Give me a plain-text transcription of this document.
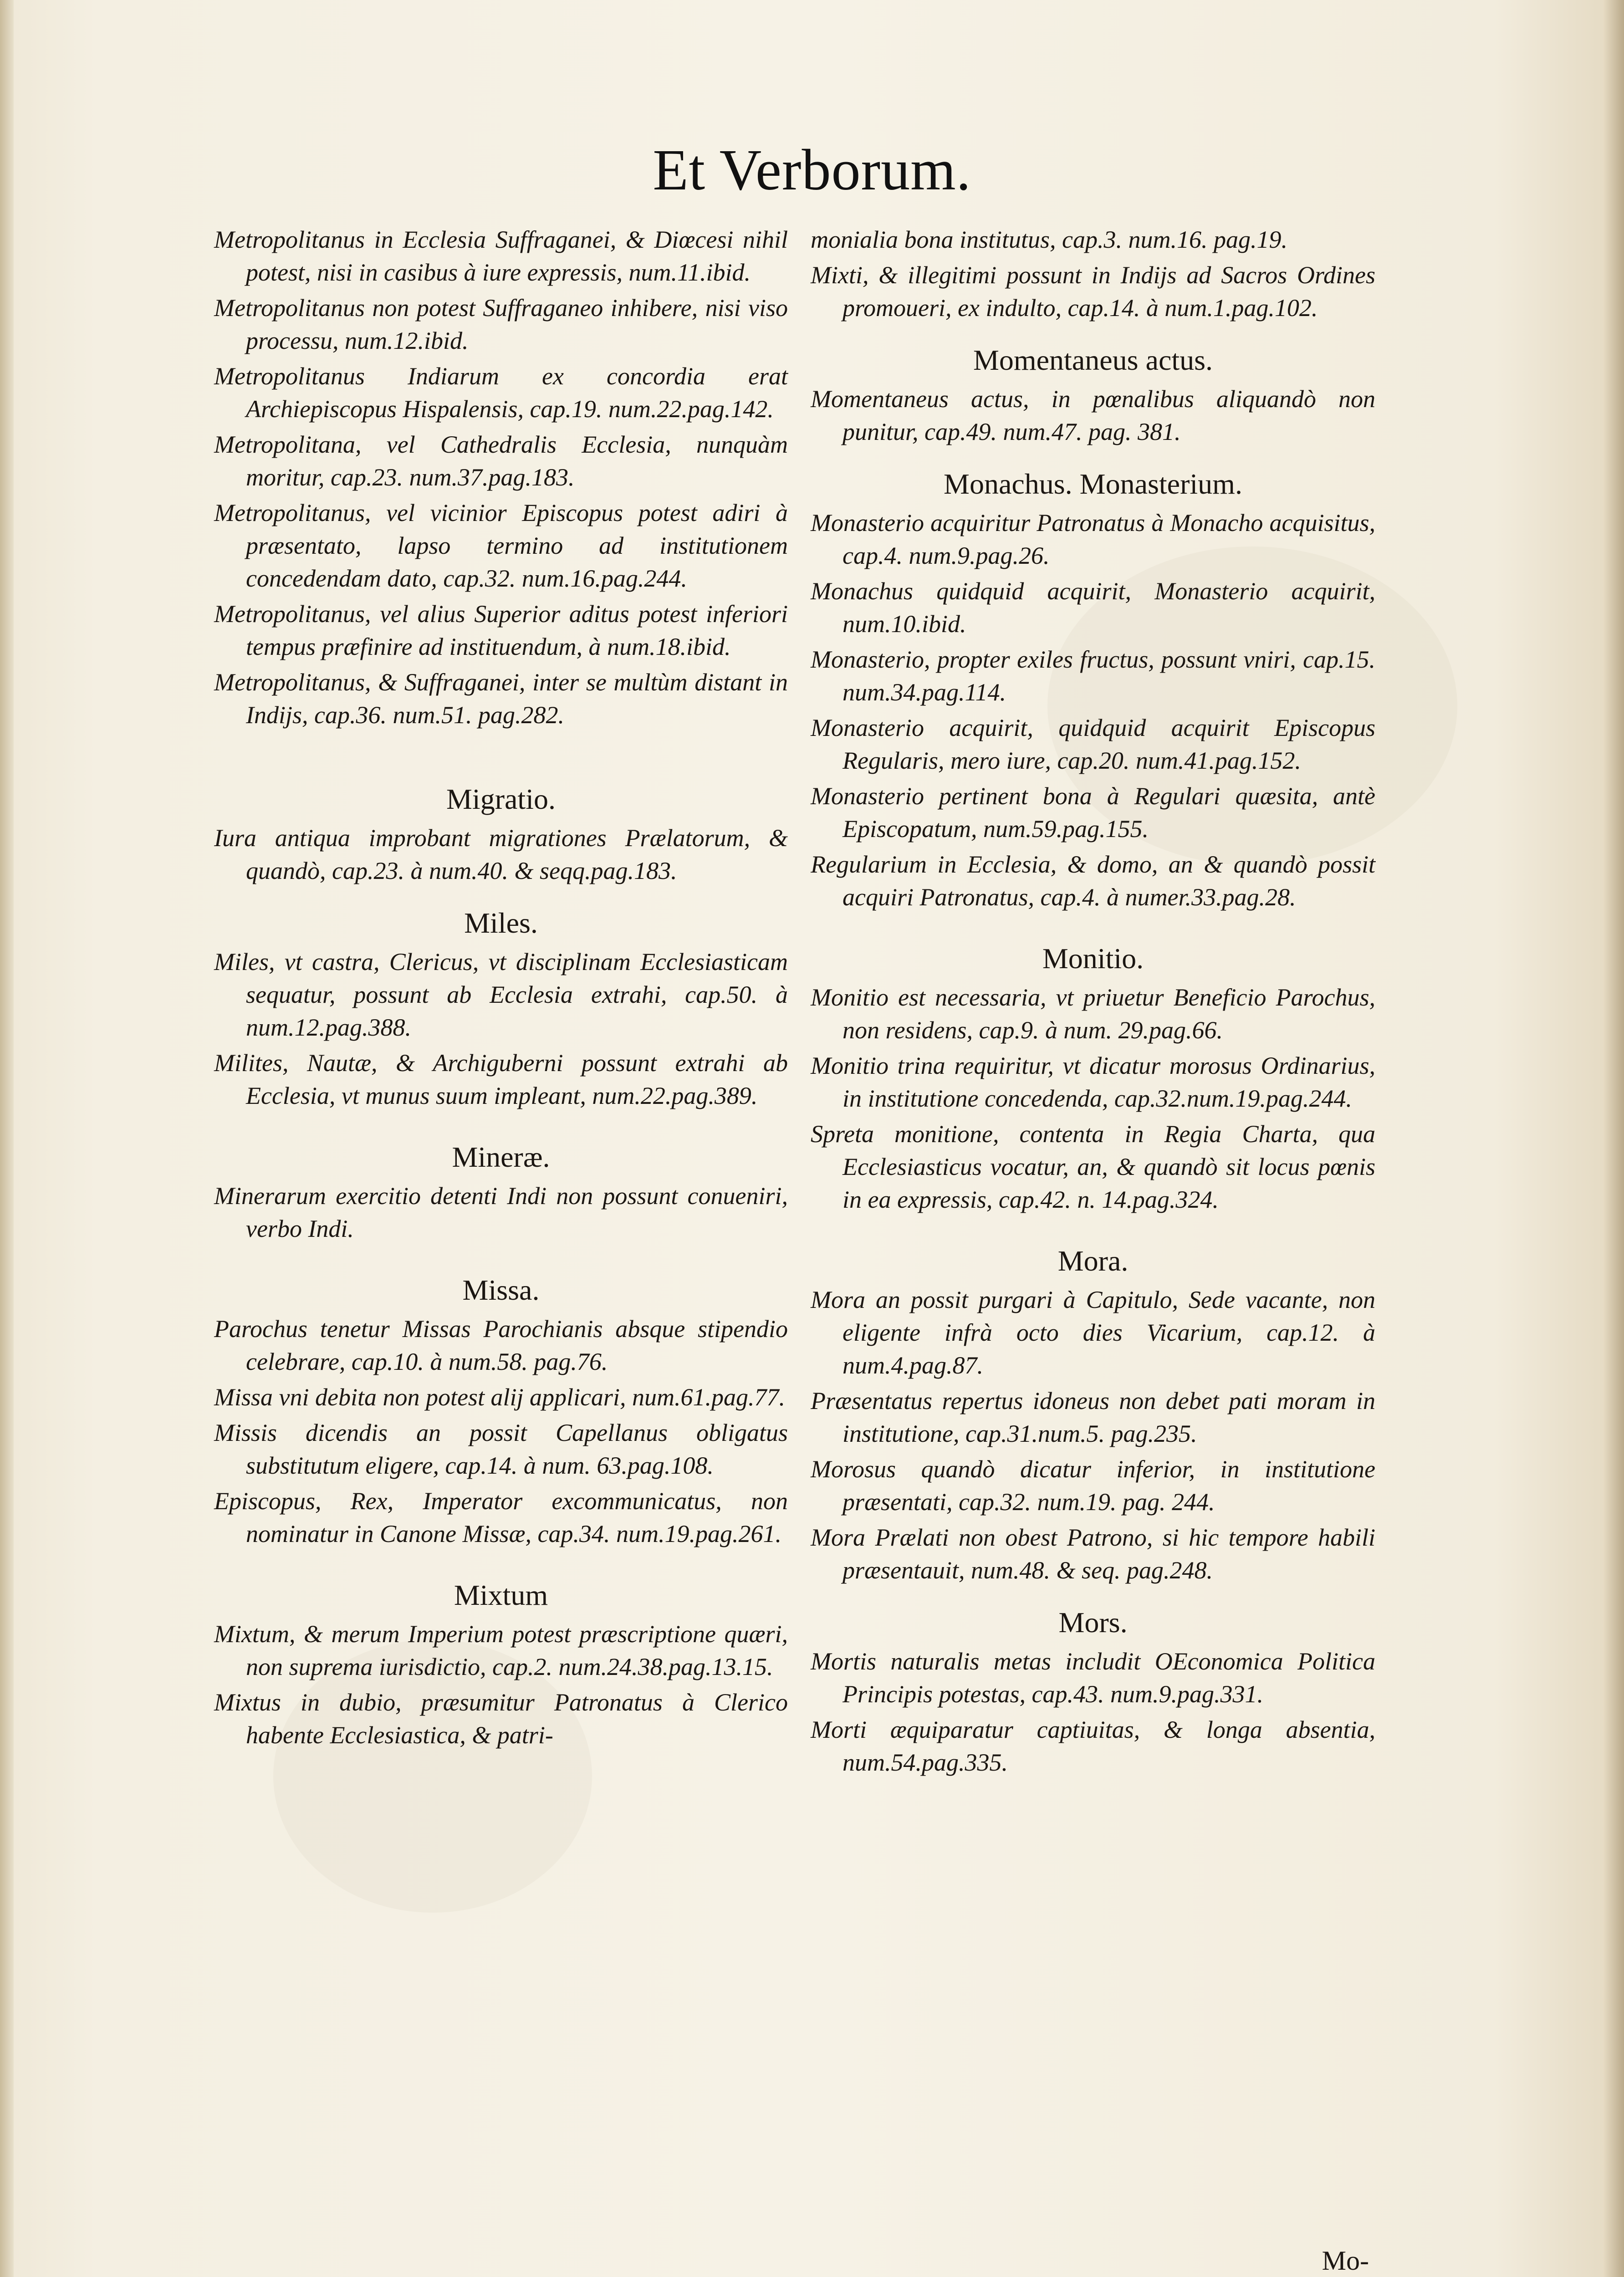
Et Verborum.

Metropolitanus in Ecclesia Suffraganei, & Diœcesi nihil potest, nisi in casibus à iure expressis, num.11.ibid.

Metropolitanus non potest Suffraganeo inhibere, nisi viso processu, num.12.ibid.

Metropolitanus Indiarum ex concordia erat Archiepiscopus Hispalensis, cap.19. num.22.pag.142.

Metropolitana, vel Cathedralis Ecclesia, nunquàm moritur, cap.23. num.37.pag.183.

Metropolitanus, vel vicinior Episcopus potest adiri à præsentato, lapso termino ad institutionem concedendam dato, cap.32. num.16.pag.244.

Metropolitanus, vel alius Superior aditus potest inferiori tempus præfinire ad instituendum, à num.18.ibid.

Metropolitanus, & Suffraganei, inter se multùm distant in Indijs, cap.36. num.51. pag.282.

Migratio.

Iura antiqua improbant migrationes Prælatorum, & quandò, cap.23. à num.40. & seqq.pag.183.

Miles.

Miles, vt castra, Clericus, vt disciplinam Ecclesiasticam sequatur, possunt ab Ecclesia extrahi, cap.50. à num.12.pag.388.

Milites, Nautæ, & Archiguberni possunt extrahi ab Ecclesia, vt munus suum impleant, num.22.pag.389.

Mineræ.

Minerarum exercitio detenti Indi non possunt conueniri, verbo Indi.

Missa.

Parochus tenetur Missas Parochianis absque stipendio celebrare, cap.10. à num.58. pag.76.

Missa vni debita non potest alij applicari, num.61.pag.77.

Missis dicendis an possit Capellanus obligatus substitutum eligere, cap.14. à num. 63.pag.108.

Episcopus, Rex, Imperator excommunicatus, non nominatur in Canone Missæ, cap.34. num.19.pag.261.

Mixtum

Mixtum, & merum Imperium potest præscriptione quæri, non suprema iurisdictio, cap.2. num.24.38.pag.13.15.

Mixtus in dubio, præsumitur Patronatus à Clerico habente Ecclesiastica, & patri-

monialia bona institutus, cap.3. num.16. pag.19.

Mixti, & illegitimi possunt in Indijs ad Sacros Ordines promoueri, ex indulto, cap.14. à num.1.pag.102.

Momentaneus actus.

Momentaneus actus, in pœnalibus aliquandò non punitur, cap.49. num.47. pag. 381.

Monachus. Monasterium.

Monasterio acquiritur Patronatus à Monacho acquisitus, cap.4. num.9.pag.26.

Monachus quidquid acquirit, Monasterio acquirit, num.10.ibid.

Monasterio, propter exiles fructus, possunt vniri, cap.15. num.34.pag.114.

Monasterio acquirit, quidquid acquirit Episcopus Regularis, mero iure, cap.20. num.41.pag.152.

Monasterio pertinent bona à Regulari quæsita, antè Episcopatum, num.59.pag.155.

Regularium in Ecclesia, & domo, an & quandò possit acquiri Patronatus, cap.4. à numer.33.pag.28.

Monitio.

Monitio est necessaria, vt priuetur Beneficio Parochus, non residens, cap.9. à num. 29.pag.66.

Monitio trina requiritur, vt dicatur morosus Ordinarius, in institutione concedenda, cap.32.num.19.pag.244.

Spreta monitione, contenta in Regia Charta, qua Ecclesiasticus vocatur, an, & quandò sit locus pœnis in ea expressis, cap.42. n. 14.pag.324.

Mora.

Mora an possit purgari à Capitulo, Sede vacante, non eligente infrà octo dies Vicarium, cap.12. à num.4.pag.87.

Præsentatus repertus idoneus non debet pati moram in institutione, cap.31.num.5. pag.235.

Morosus quandò dicatur inferior, in institutione præsentati, cap.32. num.19. pag. 244.

Mora Prælati non obest Patrono, si hic tempore habili præsentauit, num.48. & seq. pag.248.

Mors.

Mortis naturalis metas includit OEconomica Politica Principis potestas, cap.43. num.9.pag.331.

Morti æquiparatur captiuitas, & longa absentia, num.54.pag.335.

Mo-
